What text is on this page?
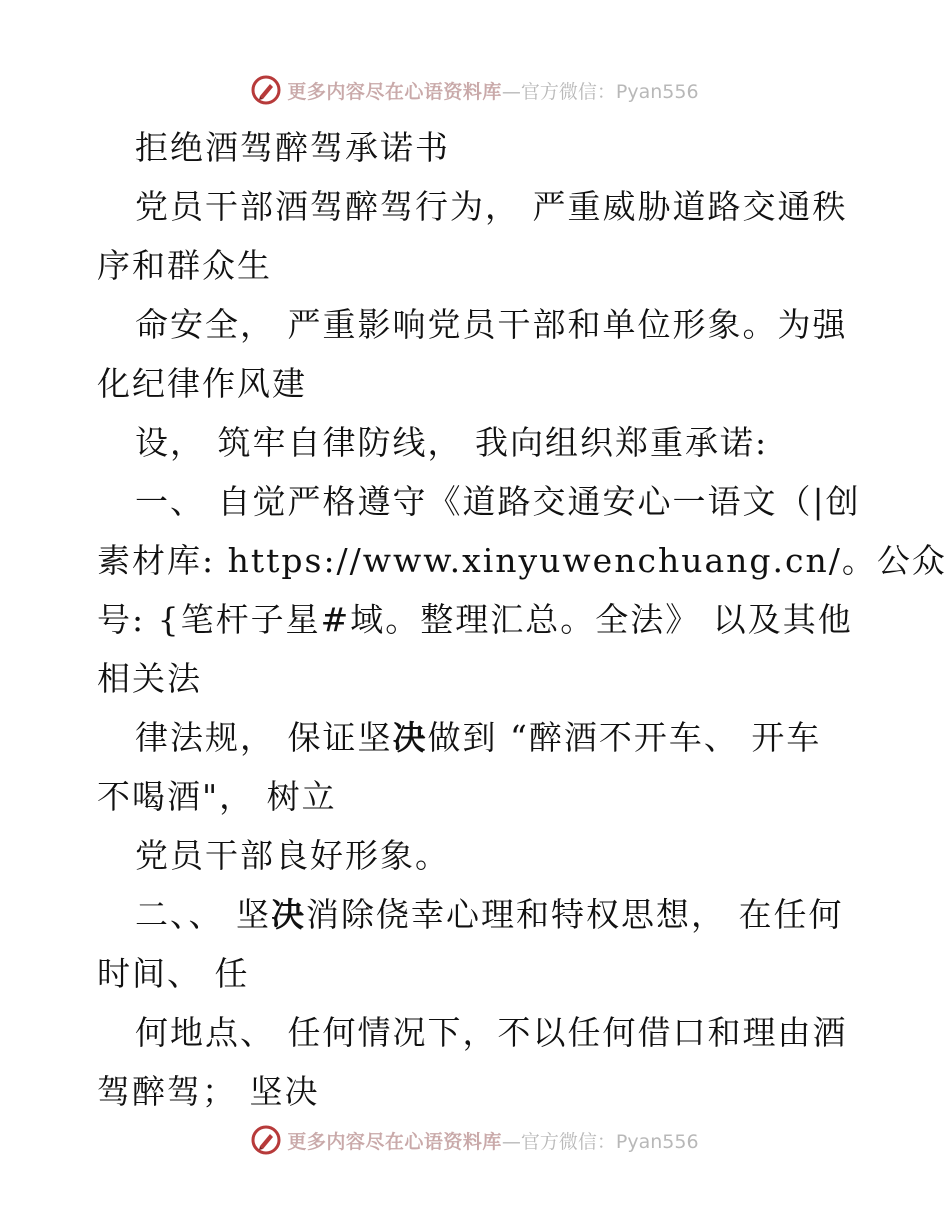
更多内容尽在心语资料库 —官方微信：Pyan556
拒绝酒驾醉驾承诺书
党员干部酒驾醉驾行为， 严重威胁道路交通秩
序和群众生
命安全， 严重影响党员干部和单位形象。为强
化纪律作风建
设， 筑牢自律防线， 我向组织郑重承诺:
一、 自觉严格遵守《道路交通安心一语文（|创
素材库: https://www.xinyuwenchuang.cn/。公众
号: {笔杆子星#域。整理汇总。全法》 以及其他
相关法
律法规， 保证坚决做到 “醉酒不开车、 开车
不喝酒"， 树立
党员干部良好形象。
二、、 坚决消除侥幸心理和特权思想， 在任何
时间、 任
何地点、 任何情况下，不以任何借口和理由酒
驾醉驾； 坚决
更多内容尽在心语资料库 —官方微信：Pyan556
